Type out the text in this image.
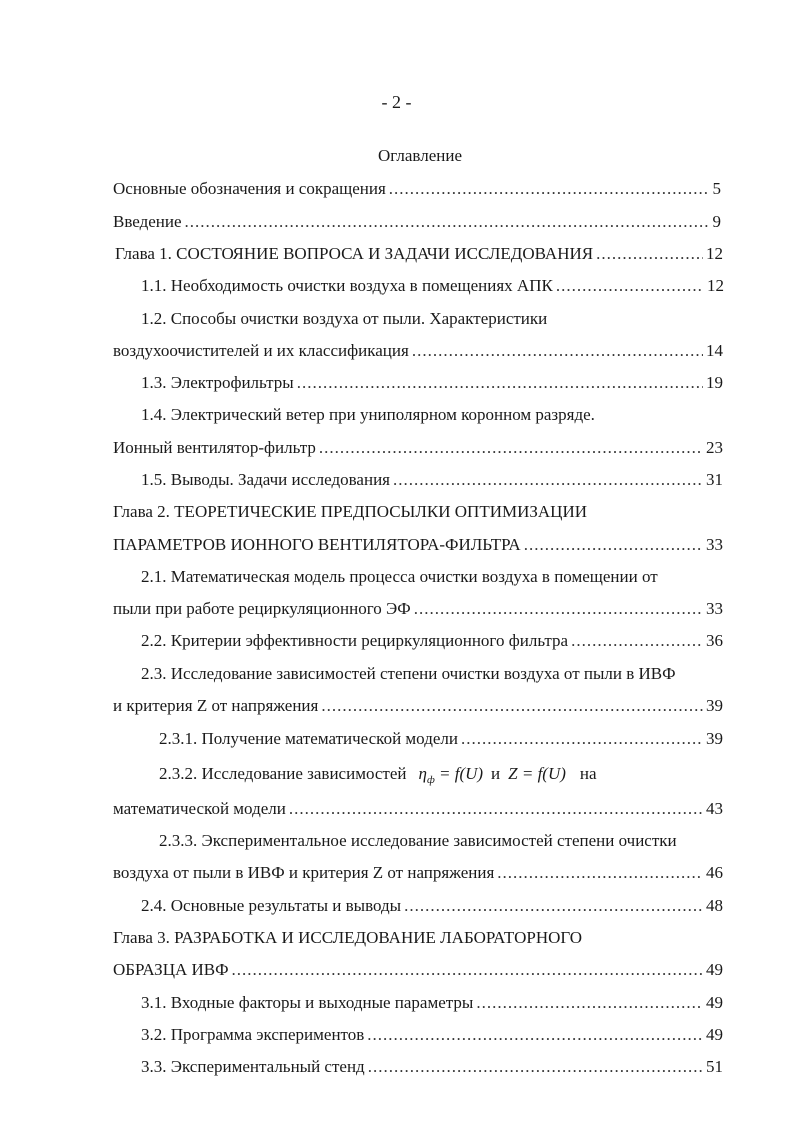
- 2 -
Оглавление
Основные обозначения и сокращения .....	5
Введение .....	9
Глава 1. СОСТОЯНИЕ ВОПРОСА И ЗАДАЧИ ИССЛЕДОВАНИЯ .....	12
1.1. Необходимость очистки воздуха в помещениях АПК .....	12
1.2. Способы очистки воздуха от пыли. Характеристики
воздухоочистителей и их классификация .....	14
1.3. Электрофильтры .....	19
1.4. Электрический ветер при униполярном коронном разряде.
Ионный вентилятор-фильтр .....	23
1.5. Выводы. Задачи исследования .....	31
Глава 2. ТЕОРЕТИЧЕСКИЕ ПРЕДПОСЫЛКИ ОПТИМИЗАЦИИ
ПАРАМЕТРОВ ИОННОГО ВЕНТИЛЯТОРА-ФИЛЬТРА .....	33
2.1. Математическая модель процесса очистки воздуха в помещении от
пыли при работе рециркуляционного ЭФ .....	33
2.2. Критерии эффективности рециркуляционного фильтра .....	36
2.3. Исследование зависимостей степени очистки воздуха от пыли в ИВФ
и критерия Z от напряжения .....	39
2.3.1. Получение математической модели .....	39
2.3.2. Исследование зависимостей $\eta_ф = f(U)$ и Z = f(U) на
математической модели .....	43
2.3.3. Экспериментальное исследование зависимостей степени очистки
воздуха от пыли в ИВФ и критерия Z от напряжения .....	46
2.4. Основные результаты и выводы .....	48
Глава 3. РАЗРАБОТКА И ИССЛЕДОВАНИЕ ЛАБОРАТОРНОГО
ОБРАЗЦА ИВФ .....	49
3.1. Входные факторы и выходные параметры .....	49
3.2. Программа экспериментов .....	49
3.3. Экспериментальный стенд .....	51
